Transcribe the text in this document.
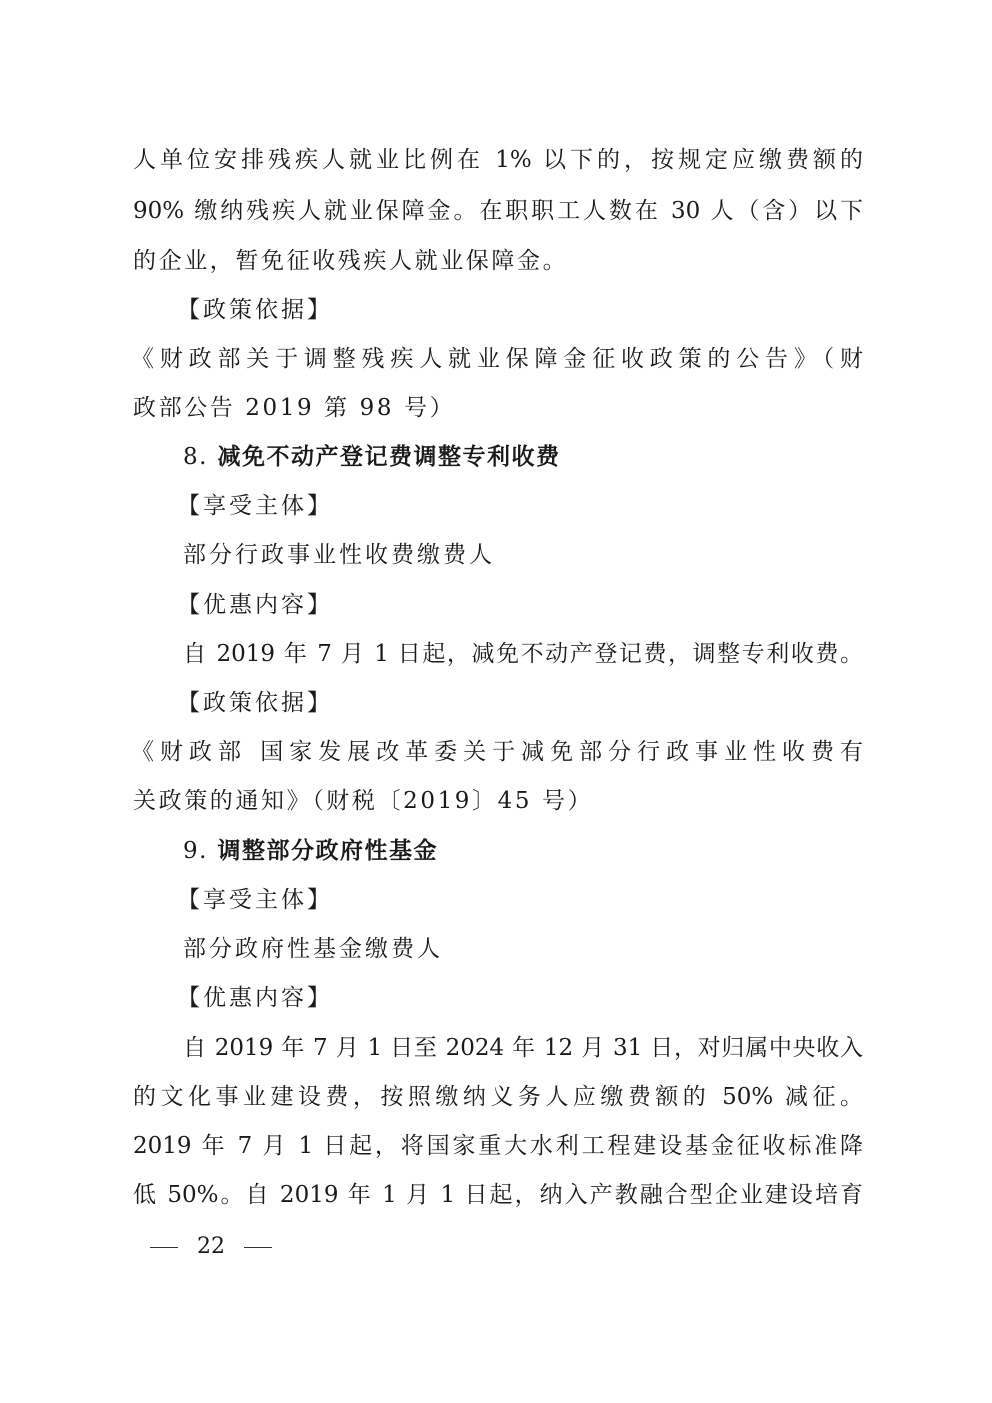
人单位安排残疾人就业比例在 1% 以下的，按规定应缴费额的
90% 缴纳残疾人就业保障金。在职职工人数在 30 人（含）以下
的企业，暂免征收残疾人就业保障金。
【政策依据】
《财政部关于调整残疾人就业保障金征收政策的公告》（财
政部公告 2019 第 98 号）
8. 减免不动产登记费调整专利收费
【享受主体】
部分行政事业性收费缴费人
【优惠内容】
自 2019 年 7 月 1 日起，减免不动产登记费，调整专利收费。
【政策依据】
《财政部 国家发展改革委关于减免部分行政事业性收费有
关政策的通知》（财税〔2019〕45 号）
9. 调整部分政府性基金
【享受主体】
部分政府性基金缴费人
【优惠内容】
自 2019 年 7 月 1 日至 2024 年 12 月 31 日，对归属中央收入
的文化事业建设费，按照缴纳义务人应缴费额的 50% 减征。
2019 年 7 月 1 日起，将国家重大水利工程建设基金征收标准降
低 50%。自 2019 年 1 月 1 日起，纳入产教融合型企业建设培育
22
